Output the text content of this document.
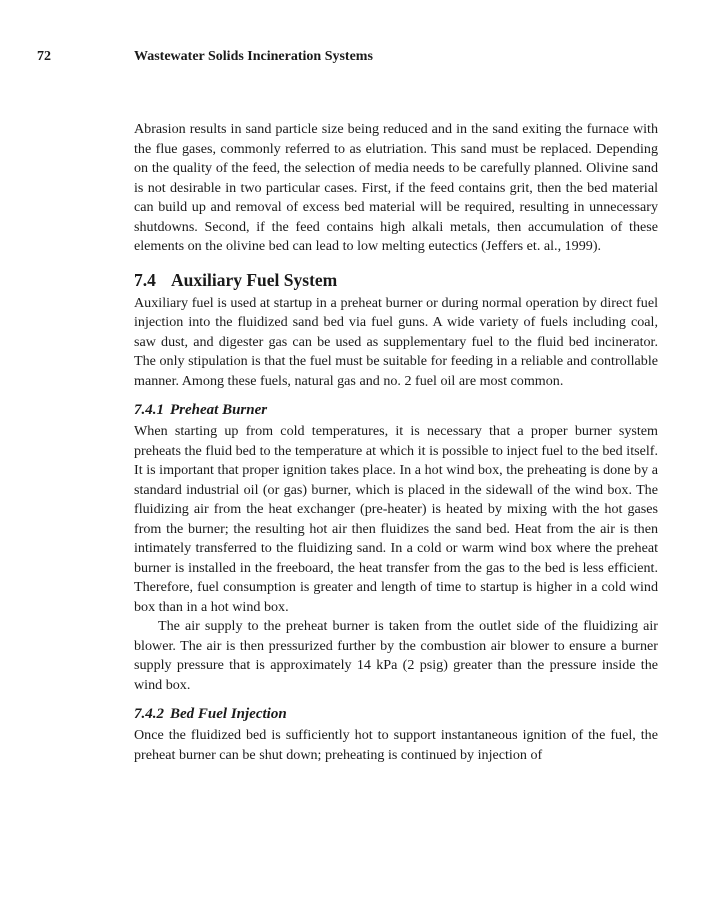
72	Wastewater Solids Incineration Systems

Abrasion results in sand particle size being reduced and in the sand exiting the furnace with the flue gases, commonly referred to as elutriation. This sand must be replaced. Depending on the quality of the feed, the selection of media needs to be carefully planned. Olivine sand is not desirable in two particular cases. First, if the feed contains grit, then the bed material can build up and removal of excess bed material will be required, resulting in unnecessary shutdowns. Second, if the feed contains high alkali metals, then accumulation of these elements on the olivine bed can lead to low melting eutectics (Jeffers et. al., 1999).

7.4 Auxiliary Fuel System

Auxiliary fuel is used at startup in a preheat burner or during normal operation by direct fuel injection into the fluidized sand bed via fuel guns. A wide variety of fuels including coal, saw dust, and digester gas can be used as supplementary fuel to the fluid bed incinerator. The only stipulation is that the fuel must be suitable for feeding in a reliable and controllable manner. Among these fuels, natural gas and no. 2 fuel oil are most common.

7.4.1 Preheat Burner

When starting up from cold temperatures, it is necessary that a proper burner system preheats the fluid bed to the temperature at which it is possible to inject fuel to the bed itself. It is important that proper ignition takes place. In a hot wind box, the preheating is done by a standard industrial oil (or gas) burner, which is placed in the sidewall of the wind box. The fluidizing air from the heat exchanger (pre-heater) is heated by mixing with the hot gases from the burner; the resulting hot air then fluidizes the sand bed. Heat from the air is then intimately transferred to the fluidizing sand. In a cold or warm wind box where the preheat burner is installed in the freeboard, the heat transfer from the gas to the bed is less efficient. Therefore, fuel consumption is greater and length of time to startup is higher in a cold wind box than in a hot wind box.

The air supply to the preheat burner is taken from the outlet side of the fluidizing air blower. The air is then pressurized further by the combustion air blower to ensure a burner supply pressure that is approximately 14 kPa (2 psig) greater than the pressure inside the wind box.

7.4.2 Bed Fuel Injection

Once the fluidized bed is sufficiently hot to support instantaneous ignition of the fuel, the preheat burner can be shut down; preheating is continued by injection of
